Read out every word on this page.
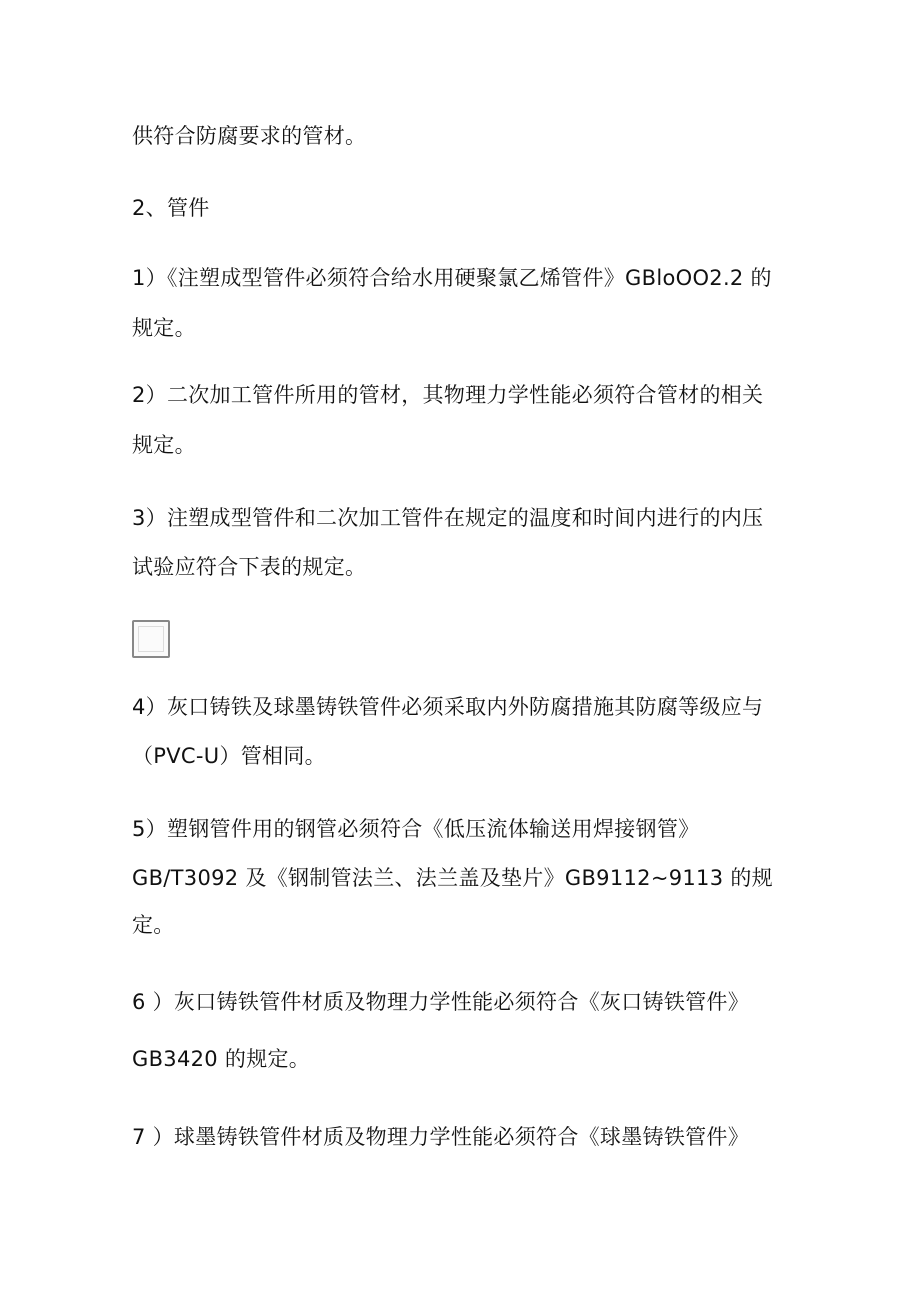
供符合防腐要求的管材。
2、管件
1）《注塑成型管件必须符合给水用硬聚氯乙烯管件》GBloOO2.2 的
规定。
2）二次加工管件所用的管材，其物理力学性能必须符合管材的相关
规定。
3）注塑成型管件和二次加工管件在规定的温度和时间内进行的内压
试验应符合下表的规定。
4）灰口铸铁及球墨铸铁管件必须采取内外防腐措施其防腐等级应与
（PVC-U）管相同。
5）塑钢管件用的钢管必须符合《低压流体输送用焊接钢管》
GB/T3092 及《钢制管法兰、法兰盖及垫片》GB9112~9113 的规
定。
6 ）灰口铸铁管件材质及物理力学性能必须符合《灰口铸铁管件》
GB3420 的规定。
7 ）球墨铸铁管件材质及物理力学性能必须符合《球墨铸铁管件》
